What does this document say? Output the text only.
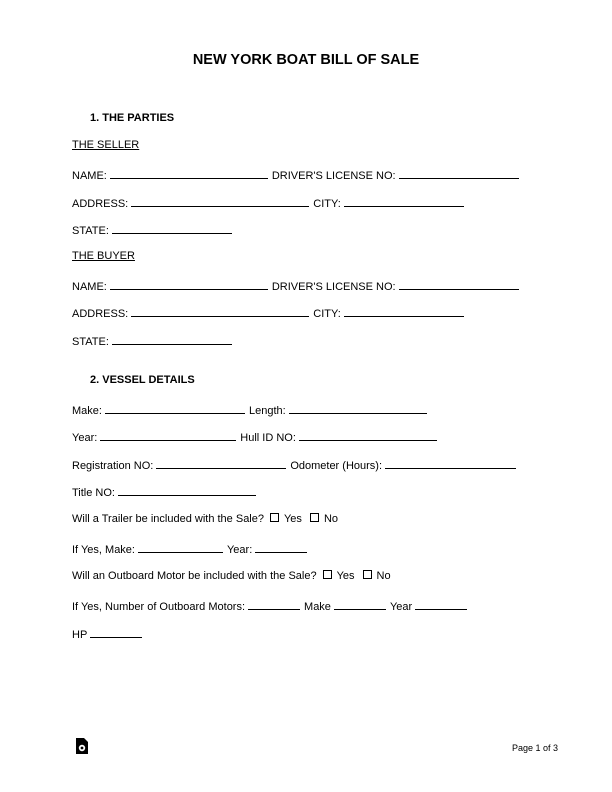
NEW YORK BOAT BILL OF SALE
1. THE PARTIES
THE SELLER
NAME:	DRIVER'S LICENSE NO:
ADDRESS:	CITY:
STATE:
THE BUYER
NAME:	DRIVER'S LICENSE NO:
ADDRESS:	CITY:
STATE:
2. VESSEL DETAILS
Make:	Length:
Year:	Hull ID NO:
Registration NO:	Odometer (Hours):
Title NO:
Will a Trailer be included with the Sale? Yes No
If Yes, Make:	Year:
Will an Outboard Motor be included with the Sale? Yes No
If Yes, Number of Outboard Motors:	Make	Year
HP
Page 1 of 3
